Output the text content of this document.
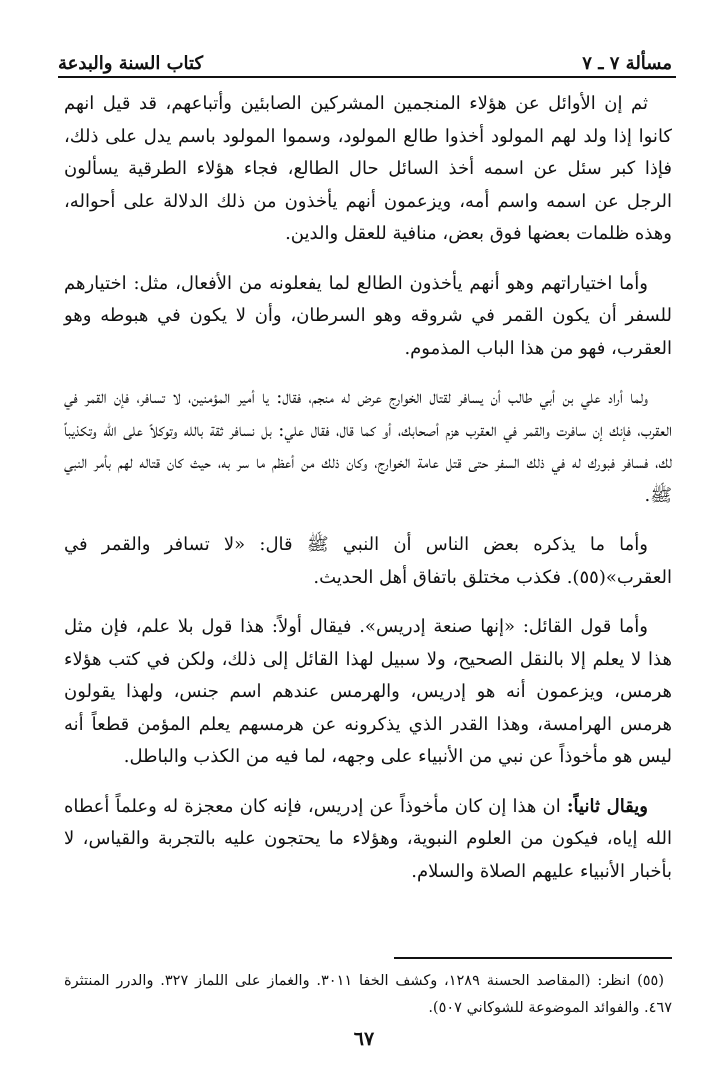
مسألة ٧ ـ ٧
كتاب السنة والبدعة

ثم إن الأوائل عن هؤلاء المنجمين المشركين الصابئين وأتباعهم، قد قيل انهم كانوا إذا ولد لهم المولود أخذوا طالع المولود، وسموا المولود باسم يدل على ذلك، فإذا كبر سئل عن اسمه أخذ السائل حال الطالع، فجاء هؤلاء الطرقية يسألون الرجل عن اسمه واسم أمه، ويزعمون أنهم يأخذون من ذلك الدلالة على أحواله، وهذه ظلمات بعضها فوق بعض، منافية للعقل والدين.

وأما اختياراتهم وهو أنهم يأخذون الطالع لما يفعلونه من الأفعال، مثل: اختيارهم للسفر أن يكون القمر في شروقه وهو السرطان، وأن لا يكون في هبوطه وهو العقرب، فهو من هذا الباب المذموم.

ولما أراد علي بن أبي طالب أن يسافر لقتال الخوارج عرض له منجم، فقال: يا أمير المؤمنين، لا تسافر، فإن القمر في العقرب، فإنك إن سافرت والقمر في العقرب هزم أصحابك، أو كما قال، فقال علي: بل نسافر ثقة بالله وتوكلاً على الله وتكذيباً لك، فسافر فبورك له في ذلك السفر حتى قتل عامة الخوارج، وكان ذلك من أعظم ما سر به، حيث كان قتاله لهم بأمر النبي ﷺ.

وأما ما يذكره بعض الناس أن النبي ﷺ قال: «لا تسافر والقمر في العقرب»(٥٥). فكذب مختلق باتفاق أهل الحديث.

وأما قول القائل: «إنها صنعة إدريس». فيقال أولاً: هذا قول بلا علم، فإن مثل هذا لا يعلم إلا بالنقل الصحيح، ولا سبيل لهذا القائل إلى ذلك، ولكن في كتب هؤلاء هرمس، ويزعمون أنه هو إدريس، والهرمس عندهم اسم جنس، ولهذا يقولون هرمس الهرامسة، وهذا القدر الذي يذكرونه عن هرمسهم يعلم المؤمن قطعاً أنه ليس هو مأخوذاً عن نبي من الأنبياء على وجهه، لما فيه من الكذب والباطل.

ويقال ثانياً: ان هذا إن كان مأخوذاً عن إدريس، فإنه كان معجزة له وعلماً أعطاه الله إياه، فيكون من العلوم النبوية، وهؤلاء ما يحتجون عليه بالتجربة والقياس، لا بأخبار الأنبياء عليهم الصلاة والسلام.

(٥٥) انظر: (المقاصد الحسنة ١٢٨٩، وكشف الخفا ٣٠١١. والغماز على اللماز ٣٢٧. والدرر المنتثرة ٤٦٧. والفوائد الموضوعة للشوكاني ٥٠٧).
٦٧
